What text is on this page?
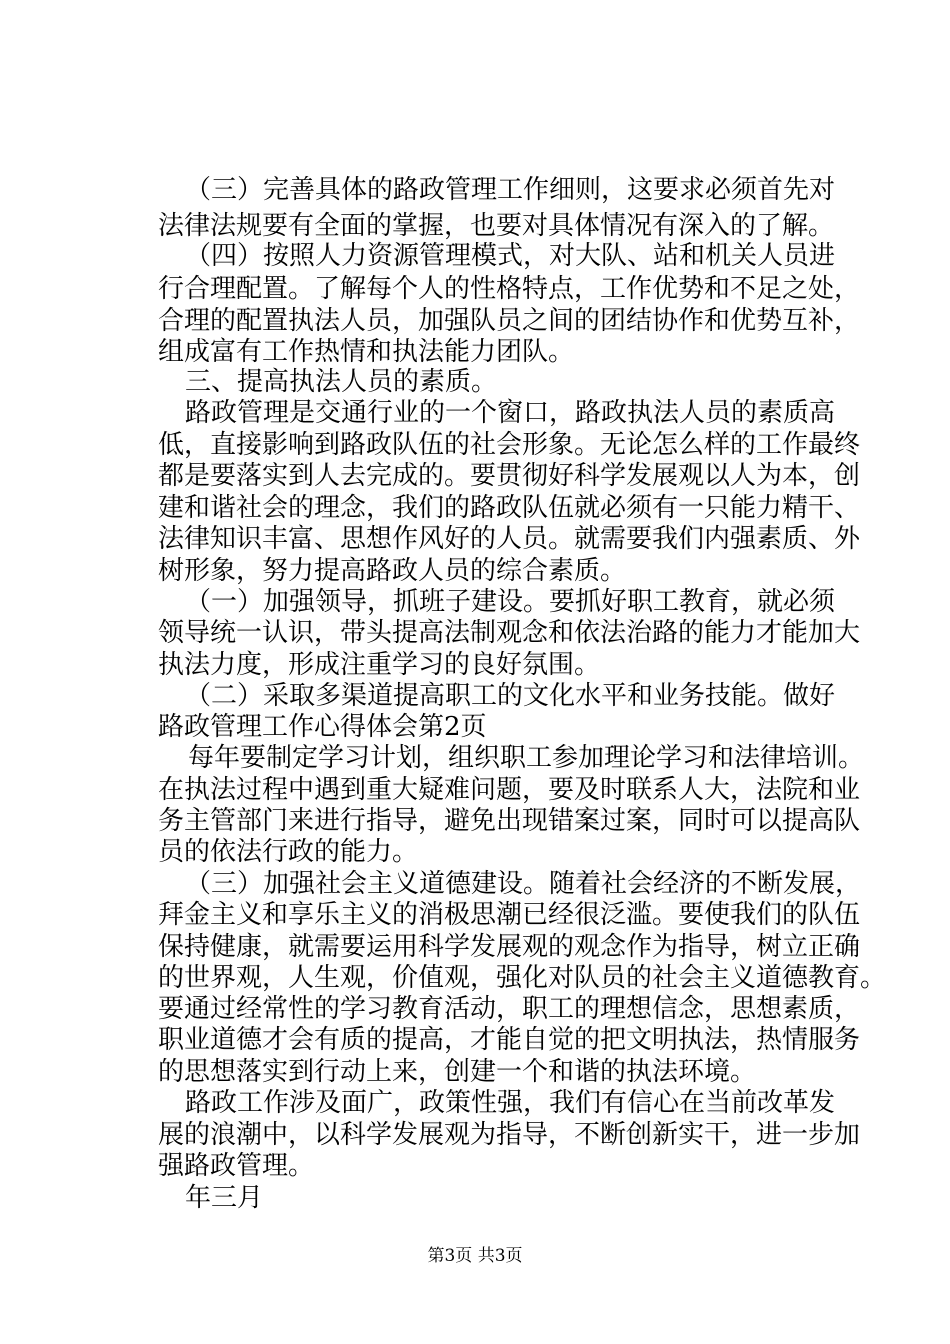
（三）完善具体的路政管理工作细则，这要求必须首先对
法律法规要有全面的掌握，也要对具体情况有深入的了解。
（四）按照人力资源管理模式，对大队、站和机关人员进
行合理配置。了解每个人的性格特点，工作优势和不足之处，
合理的配置执法人员，加强队员之间的团结协作和优势互补，
组成富有工作热情和执法能力团队。
三、提高执法人员的素质。
路政管理是交通行业的一个窗口，路政执法人员的素质高
低，直接影响到路政队伍的社会形象。无论怎么样的工作最终
都是要落实到人去完成的。要贯彻好科学发展观以人为本，创
建和谐社会的理念，我们的路政队伍就必须有一只能力精干、
法律知识丰富、思想作风好的人员。就需要我们内强素质、外
树形象，努力提高路政人员的综合素质。
（一）加强领导，抓班子建设。要抓好职工教育，就必须
领导统一认识，带头提高法制观念和依法治路的能力才能加大
执法力度，形成注重学习的良好氛围。
（二）采取多渠道提高职工的文化水平和业务技能。做好
路政管理工作心得体会第2页
每年要制定学习计划，组织职工参加理论学习和法律培训。
在执法过程中遇到重大疑难问题，要及时联系人大，法院和业
务主管部门来进行指导，避免出现错案过案，同时可以提高队
员的依法行政的能力。
（三）加强社会主义道德建设。随着社会经济的不断发展，
拜金主义和享乐主义的消极思潮已经很泛滥。要使我们的队伍
保持健康，就需要运用科学发展观的观念作为指导，树立正确
的世界观，人生观，价值观，强化对队员的社会主义道德教育。
要通过经常性的学习教育活动，职工的理想信念，思想素质，
职业道德才会有质的提高，才能自觉的把文明执法，热情服务
的思想落实到行动上来，创建一个和谐的执法环境。
路政工作涉及面广，政策性强，我们有信心在当前改革发
展的浪潮中，以科学发展观为指导，不断创新实干，进一步加
强路政管理。
年三月
第3页 共3页
